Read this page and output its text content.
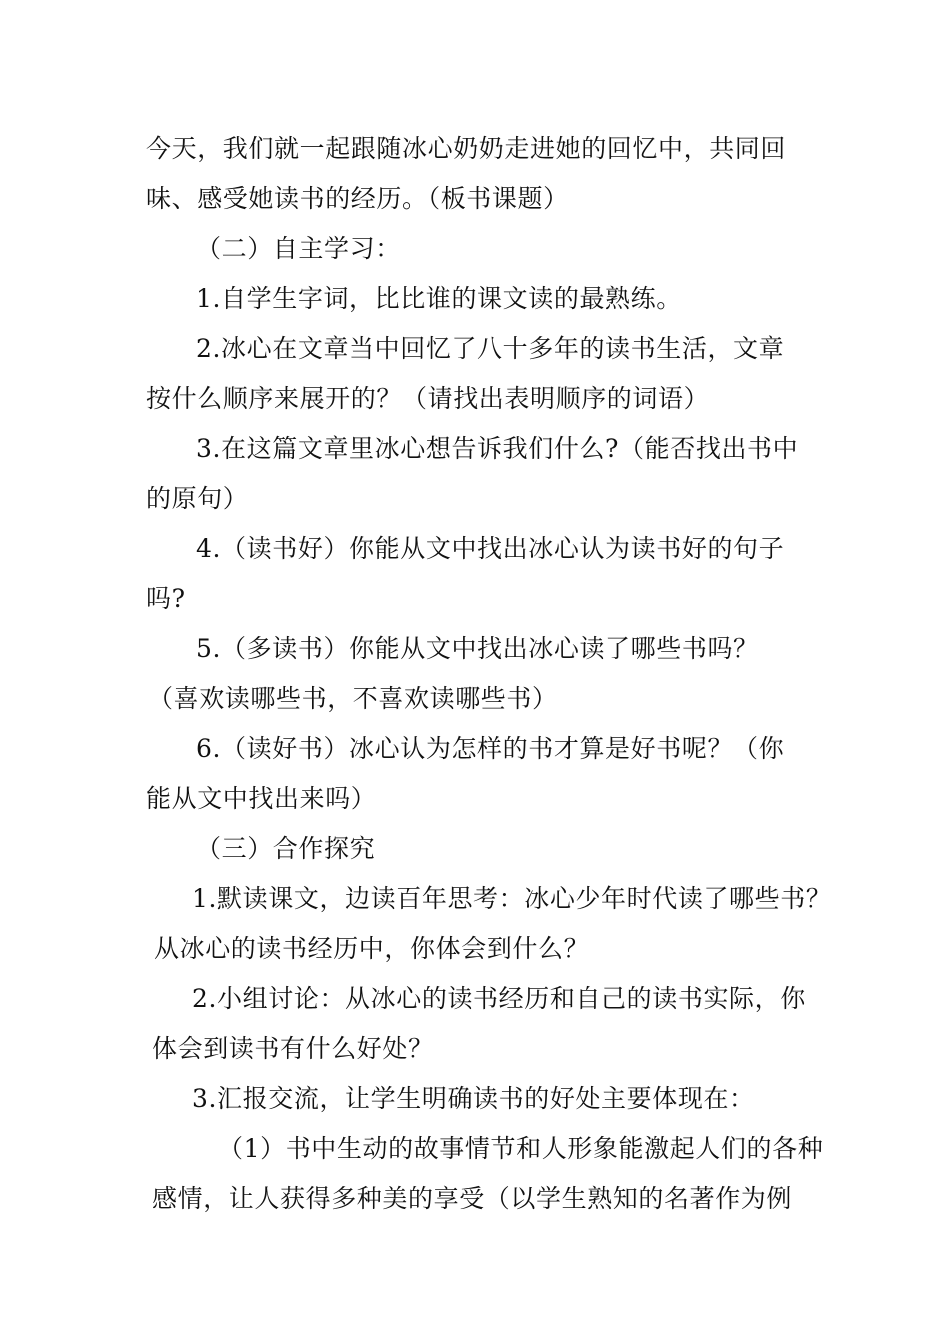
今天，我们就一起跟随冰心奶奶走进她的回忆中，共同回
味、感受她读书的经历。（板书课题）
（二）自主学习：
1.自学生字词，比比谁的课文读的最熟练。
2.冰心在文章当中回忆了八十多年的读书生活，文章
按什么顺序来展开的？（请找出表明顺序的词语）
3.在这篇文章里冰心想告诉我们什么?（能否找出书中
的原句）
4.（读书好）你能从文中找出冰心认为读书好的句子
吗?
5.（多读书）你能从文中找出冰心读了哪些书吗？
（喜欢读哪些书，不喜欢读哪些书）
6.（读好书）冰心认为怎样的书才算是好书呢？（你
能从文中找出来吗）
（三）合作探究
1.默读课文，边读百年思考：冰心少年时代读了哪些书？
从冰心的读书经历中，你体会到什么？
2.小组讨论：从冰心的读书经历和自己的读书实际，你
体会到读书有什么好处？
3.汇报交流，让学生明确读书的好处主要体现在：
（1）书中生动的故事情节和人形象能激起人们的各种
感情，让人获得多种美的享受（以学生熟知的名著作为例
